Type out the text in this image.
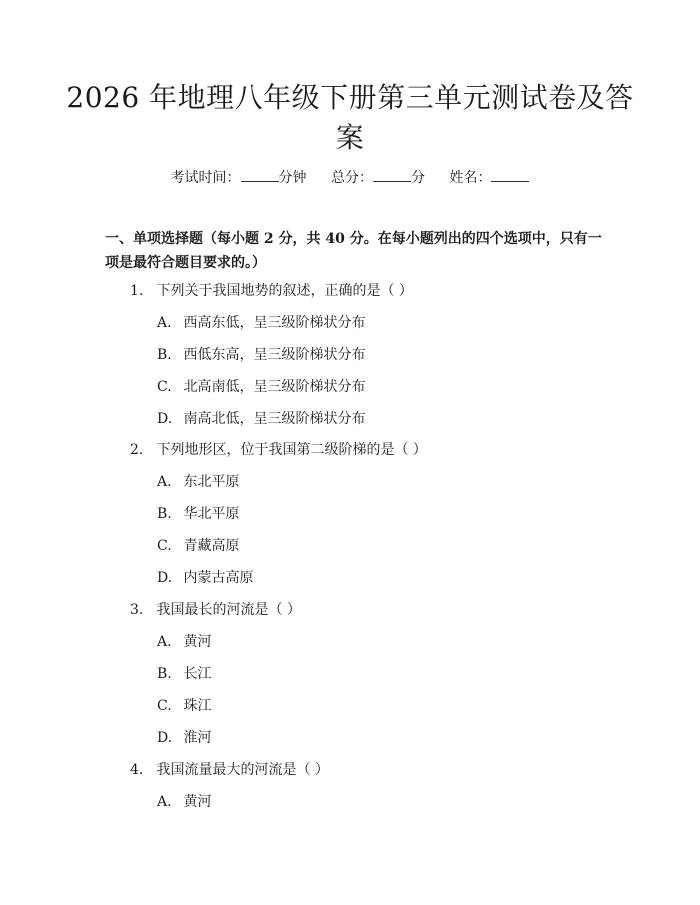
2026 年地理八年级下册第三单元测试卷及答
案
考试时间：	分钟 总分：	分 姓名：
一、单项选择题（每小题 2 分，共 40 分。在每小题列出的四个选项中，只有一项是最符合题目要求的。）
1. 下列关于我国地势的叙述，正确的是（ ）
A. 西高东低，呈三级阶梯状分布
B. 西低东高，呈三级阶梯状分布
C. 北高南低，呈三级阶梯状分布
D. 南高北低，呈三级阶梯状分布
2. 下列地形区，位于我国第二级阶梯的是（ ）
A. 东北平原
B. 华北平原
C. 青藏高原
D. 内蒙古高原
3. 我国最长的河流是（ ）
A. 黄河
B. 长江
C. 珠江
D. 淮河
4. 我国流量最大的河流是（ ）
A. 黄河
